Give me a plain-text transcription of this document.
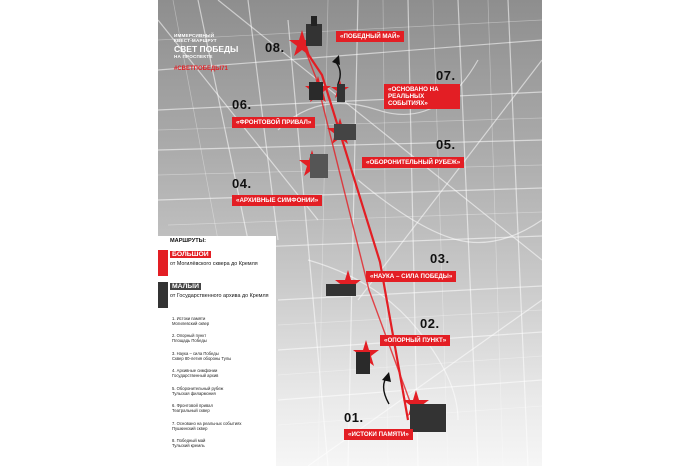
ИММЕРСИВНЫЙ
КВЕСТ-МАРШРУТ
СВЕТ ПОБЕДЫ
НА ПРОСПЕКТЕ
#СВЕТПОБЕДЫ71
08.
«ПОБЕДНЫЙ МАЙ»
07.
«ОСНОВАНО НА РЕАЛЬНЫХ СОБЫТИЯХ»
06.
«ФРОНТОВОЙ ПРИВАЛ»
05.
«ОБОРОНИТЕЛЬНЫЙ РУБЕЖ»
04.
«АРХИВНЫЕ СИМФОНИИ»
03.
«НАУКА – СИЛА ПОБЕДЫ»
02.
«ОПОРНЫЙ ПУНКТ»
01.
«ИСТОКИ ПАМЯТИ»
МАРШРУТЫ:
БОЛЬШОЙ
от Могилёвского сквера до Кремля
МАЛЫЙ
от Государственного архива до Кремля
1. Истоки памяти
Могилевский сквер
2. Опорный пункт
Площадь Победы
3. Наука – сила Победы
Сквер 80-летия обороны Тулы
4. Архивные симфонии
Государственный архив
5. Оборонительный рубеж
Тульская филармония
6. Фронтовой привал
Театральный сквер
7. Основано на реальных событиях
Пушкинский сквер
8. Победный май
Тульский кремль
